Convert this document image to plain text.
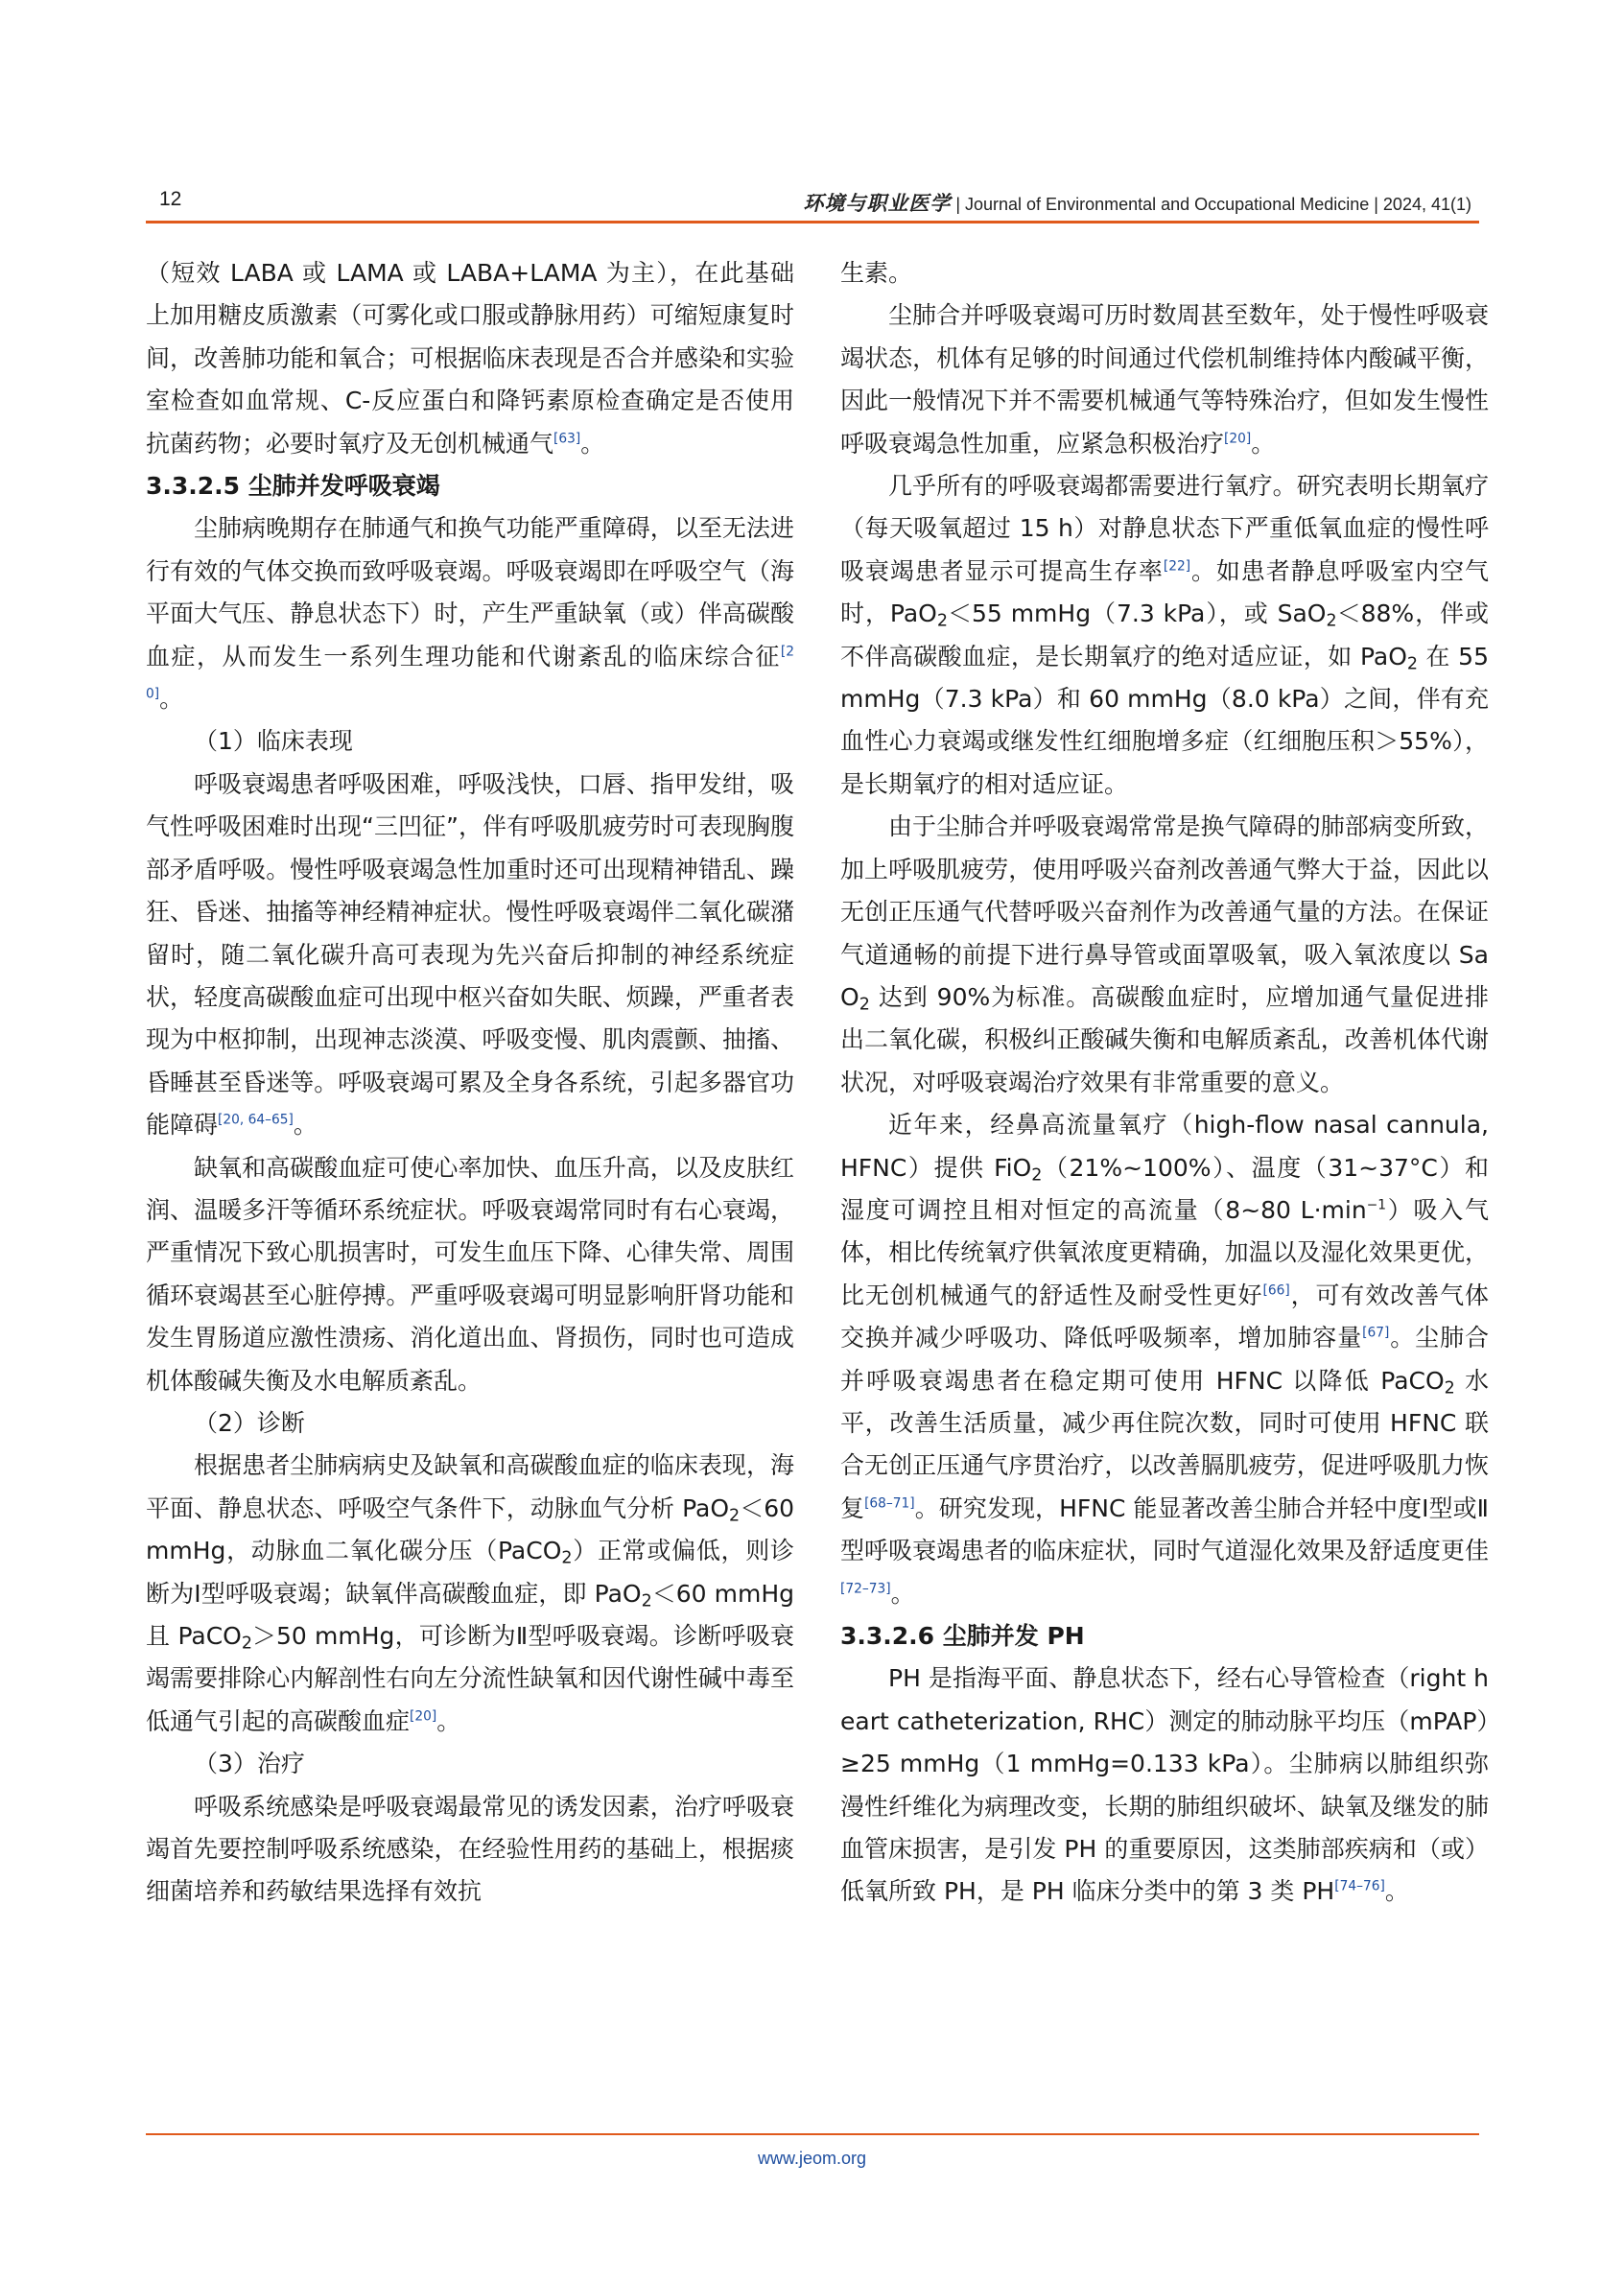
12	环境与职业医学 | Journal of Environmental and Occupational Medicine | 2024, 41(1)

（短效 LABA 或 LAMA 或 LABA+LAMA 为主），在此基础上加用糖皮质激素（可雾化或口服或静脉用药）可缩短康复时间，改善肺功能和氧合；可根据临床表现是否合并感染和实验室检查如血常规、C-反应蛋白和降钙素原检查确定是否使用抗菌药物；必要时氧疗及无创机械通气[63]。

3.3.2.5 尘肺并发呼吸衰竭

尘肺病晚期存在肺通气和换气功能严重障碍，以至无法进行有效的气体交换而致呼吸衰竭。呼吸衰竭即在呼吸空气（海平面大气压、静息状态下）时，产生严重缺氧（或）伴高碳酸血症，从而发生一系列生理功能和代谢紊乱的临床综合征[20]。

（1）临床表现

呼吸衰竭患者呼吸困难，呼吸浅快，口唇、指甲发绀，吸气性呼吸困难时出现“三凹征”，伴有呼吸肌疲劳时可表现胸腹部矛盾呼吸。慢性呼吸衰竭急性加重时还可出现精神错乱、躁狂、昏迷、抽搐等神经精神症状。慢性呼吸衰竭伴二氧化碳潴留时，随二氧化碳升高可表现为先兴奋后抑制的神经系统症状，轻度高碳酸血症可出现中枢兴奋如失眠、烦躁，严重者表现为中枢抑制，出现神志淡漠、呼吸变慢、肌肉震颤、抽搐、昏睡甚至昏迷等。呼吸衰竭可累及全身各系统，引起多器官功能障碍[20, 64–65]。

缺氧和高碳酸血症可使心率加快、血压升高，以及皮肤红润、温暖多汗等循环系统症状。呼吸衰竭常同时有右心衰竭，严重情况下致心肌损害时，可发生血压下降、心律失常、周围循环衰竭甚至心脏停搏。严重呼吸衰竭可明显影响肝肾功能和发生胃肠道应激性溃疡、消化道出血、肾损伤，同时也可造成机体酸碱失衡及水电解质紊乱。

（2）诊断

根据患者尘肺病病史及缺氧和高碳酸血症的临床表现，海平面、静息状态、呼吸空气条件下，动脉血气分析 PaO$_2$＜60 mmHg，动脉血二氧化碳分压（PaCO$_2$）正常或偏低，则诊断为Ⅰ型呼吸衰竭；缺氧伴高碳酸血症，即 PaO$_2$＜60 mmHg 且 PaCO$_2$＞50 mmHg，可诊断为Ⅱ型呼吸衰竭。诊断呼吸衰竭需要排除心内解剖性右向左分流性缺氧和因代谢性碱中毒至低通气引起的高碳酸血症[20]。

（3）治疗

呼吸系统感染是呼吸衰竭最常见的诱发因素，治疗呼吸衰竭首先要控制呼吸系统感染，在经验性用药的基础上，根据痰细菌培养和药敏结果选择有效抗

生素。

尘肺合并呼吸衰竭可历时数周甚至数年，处于慢性呼吸衰竭状态，机体有足够的时间通过代偿机制维持体内酸碱平衡，因此一般情况下并不需要机械通气等特殊治疗，但如发生慢性呼吸衰竭急性加重，应紧急积极治疗[20]。

几乎所有的呼吸衰竭都需要进行氧疗。研究表明长期氧疗（每天吸氧超过 15 h）对静息状态下严重低氧血症的慢性呼吸衰竭患者显示可提高生存率[22]。如患者静息呼吸室内空气时，PaO$_2$＜55 mmHg（7.3 kPa），或 SaO$_2$＜88%，伴或不伴高碳酸血症，是长期氧疗的绝对适应证，如 PaO$_2$ 在 55 mmHg（7.3 kPa）和 60 mmHg（8.0 kPa）之间，伴有充血性心力衰竭或继发性红细胞增多症（红细胞压积＞55%），是长期氧疗的相对适应证。

由于尘肺合并呼吸衰竭常常是换气障碍的肺部病变所致，加上呼吸肌疲劳，使用呼吸兴奋剂改善通气弊大于益，因此以无创正压通气代替呼吸兴奋剂作为改善通气量的方法。在保证气道通畅的前提下进行鼻导管或面罩吸氧，吸入氧浓度以 SaO$_2$ 达到 90%为标准。高碳酸血症时，应增加通气量促进排出二氧化碳，积极纠正酸碱失衡和电解质紊乱，改善机体代谢状况，对呼吸衰竭治疗效果有非常重要的意义。

近年来，经鼻高流量氧疗（high-flow nasal cannula, HFNC）提供 FiO$_2$（21%~100%）、温度（31~37°C）和湿度可调控且相对恒定的高流量（8~80 $L\cdot\min^{-1}$）吸入气体，相比传统氧疗供氧浓度更精确，加温以及湿化效果更优，比无创机械通气的舒适性及耐受性更好[66]，可有效改善气体交换并减少呼吸功、降低呼吸频率，增加肺容量[67]。尘肺合并呼吸衰竭患者在稳定期可使用 HFNC 以降低 PaCO$_2$ 水平，改善生活质量，减少再住院次数，同时可使用 HFNC 联合无创正压通气序贯治疗，以改善膈肌疲劳，促进呼吸肌力恢复[68–71]。研究发现，HFNC 能显著改善尘肺合并轻中度Ⅰ型或Ⅱ型呼吸衰竭患者的临床症状，同时气道湿化效果及舒适度更佳[72–73]。

3.3.2.6 尘肺并发 PH

PH 是指海平面、静息状态下，经右心导管检查（right heart catheterization, RHC）测定的肺动脉平均压（mPAP）≥25 mmHg（1 mmHg=0.133 kPa）。尘肺病以肺组织弥漫性纤维化为病理改变，长期的肺组织破坏、缺氧及继发的肺血管床损害，是引发 PH 的重要原因，这类肺部疾病和（或）低氧所致 PH，是 PH 临床分类中的第 3 类 PH[74–76]。

www.jeom.org
